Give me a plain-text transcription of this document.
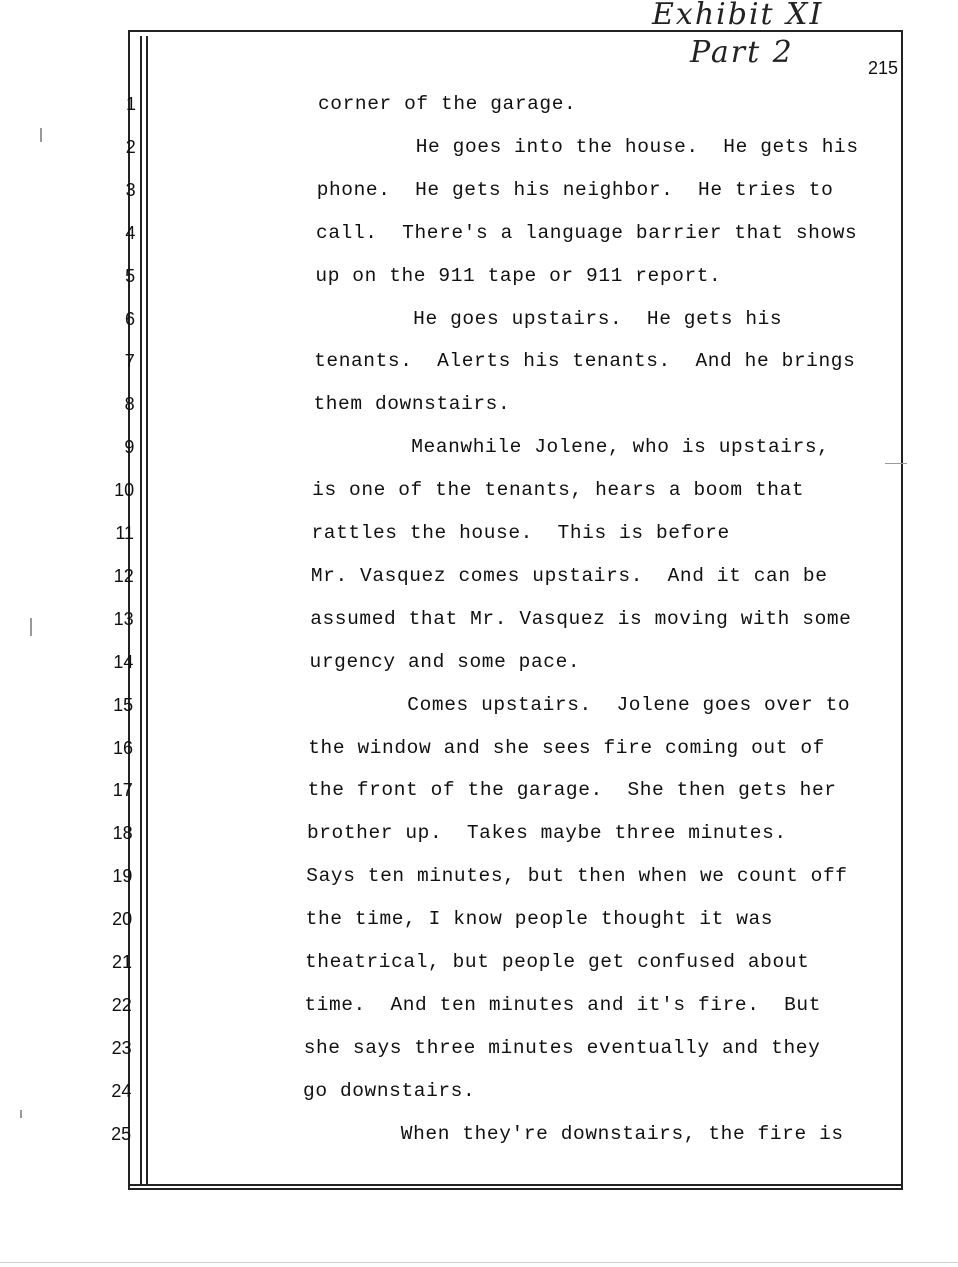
Exhibit XI
Part 2	215
1	corner of the garage.
2	He goes into the house.  He gets his
3	phone.  He gets his neighbor.  He tries to
4	call.  There's a language barrier that shows
5	up on the 911 tape or 911 report.
6	He goes upstairs.  He gets his
7	tenants.  Alerts his tenants.  And he brings
8	them downstairs.
9	Meanwhile Jolene, who is upstairs,
10	is one of the tenants, hears a boom that
11	rattles the house.  This is before
12	Mr. Vasquez comes upstairs.  And it can be
13	assumed that Mr. Vasquez is moving with some
14	urgency and some pace.
15	Comes upstairs.  Jolene goes over to
16	the window and she sees fire coming out of
17	the front of the garage.  She then gets her
18	brother up.  Takes maybe three minutes.
19	Says ten minutes, but then when we count off
20	the time, I know people thought it was
21	theatrical, but people get confused about
22	time.  And ten minutes and it's fire.  But
23	she says three minutes eventually and they
24	go downstairs.
25	When they're downstairs, the fire is
